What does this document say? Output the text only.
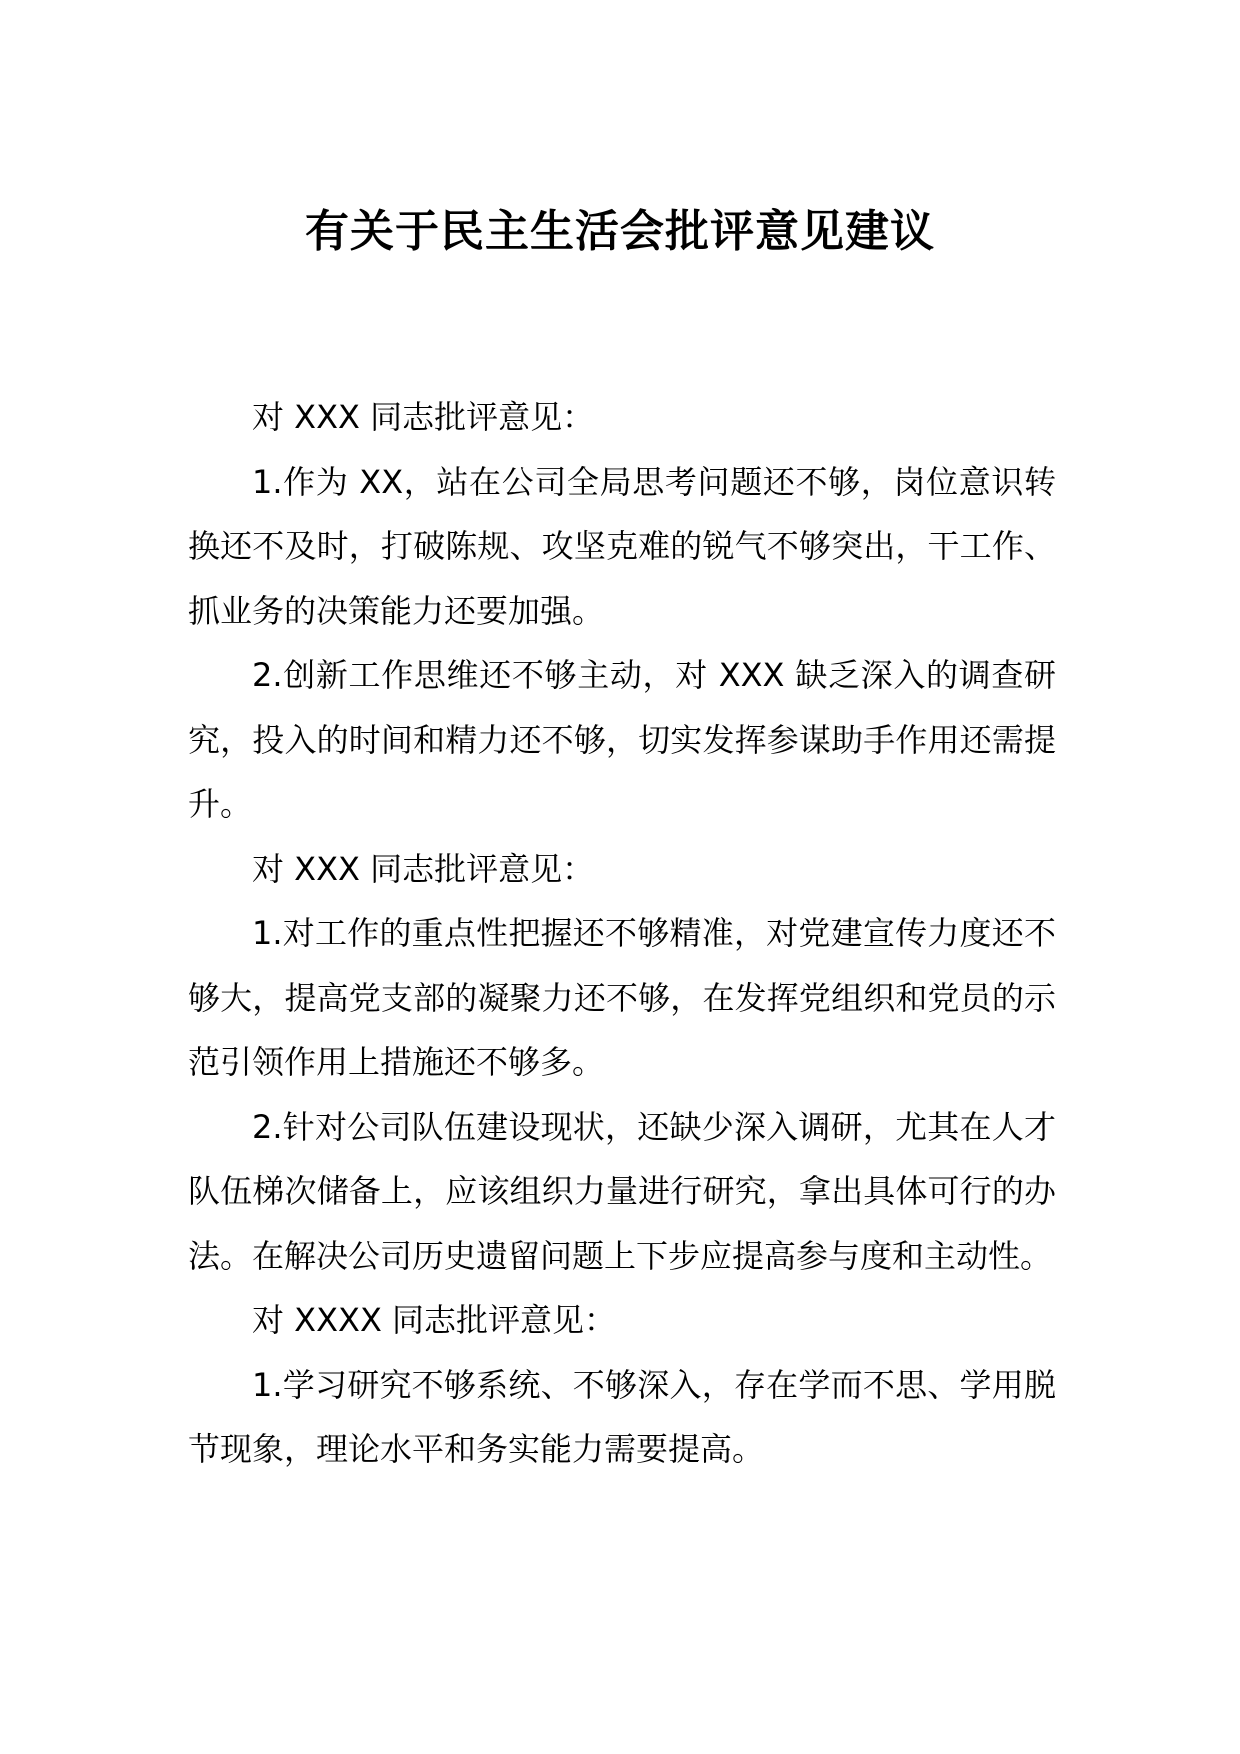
有关于民主生活会批评意见建议

对 XXX 同志批评意见：

1.作为 XX，站在公司全局思考问题还不够，岗位意识转换还不及时，打破陈规、攻坚克难的锐气不够突出，干工作、抓业务的决策能力还要加强。

2.创新工作思维还不够主动，对 XXX 缺乏深入的调查研究，投入的时间和精力还不够，切实发挥参谋助手作用还需提升。

对 XXX 同志批评意见：

1.对工作的重点性把握还不够精准，对党建宣传力度还不够大，提高党支部的凝聚力还不够，在发挥党组织和党员的示范引领作用上措施还不够多。

2.针对公司队伍建设现状，还缺少深入调研，尤其在人才队伍梯次储备上，应该组织力量进行研究，拿出具体可行的办法。在解决公司历史遗留问题上下步应提高参与度和主动性。

对 XXXX 同志批评意见：

1.学习研究不够系统、不够深入，存在学而不思、学用脱节现象，理论水平和务实能力需要提高。
